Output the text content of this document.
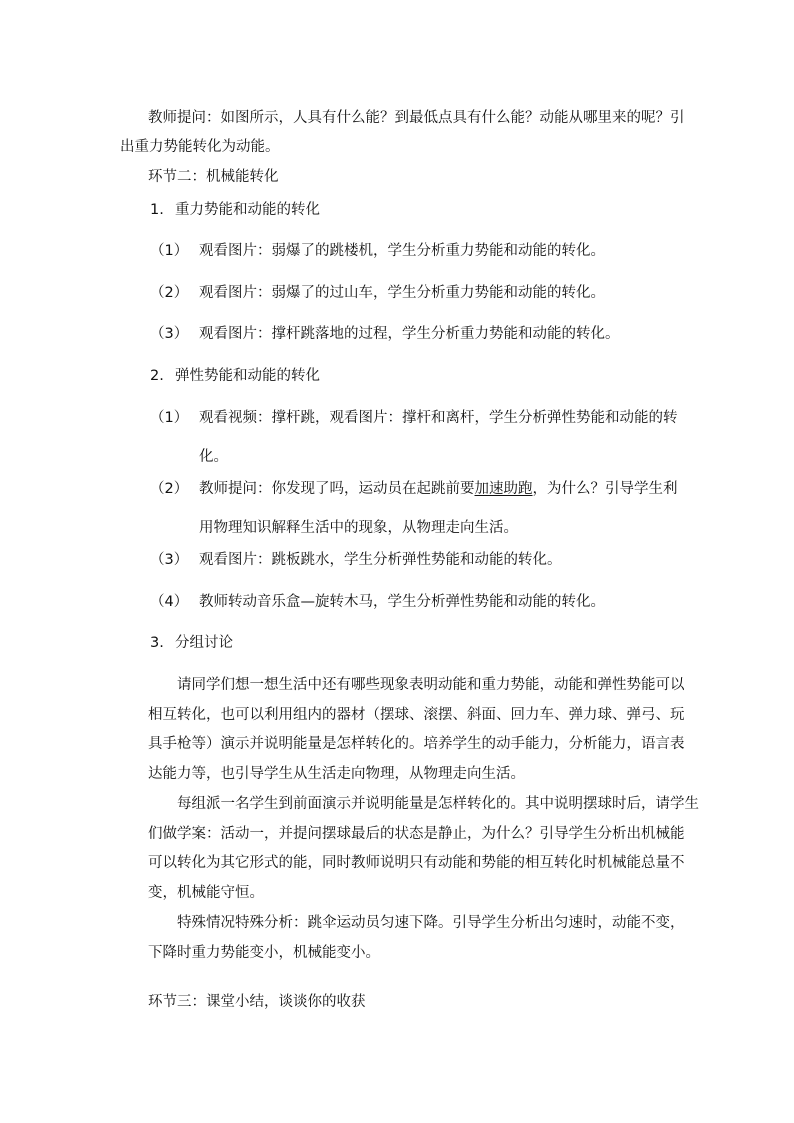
教师提问：如图所示，人具有什么能？到最低点具有什么能？动能从哪里来的呢？引
出重力势能转化为动能。
环节二：机械能转化
1. 重力势能和动能的转化
（1） 观看图片：弱爆了的跳楼机，学生分析重力势能和动能的转化。
（2） 观看图片：弱爆了的过山车，学生分析重力势能和动能的转化。
（3） 观看图片：撑杆跳落地的过程，学生分析重力势能和动能的转化。
2. 弹性势能和动能的转化
（1） 观看视频：撑杆跳，观看图片：撑杆和离杆，学生分析弹性势能和动能的转
化。
（2） 教师提问：你发现了吗，运动员在起跳前要加速助跑，为什么？引导学生利
用物理知识解释生活中的现象，从物理走向生活。
（3） 观看图片：跳板跳水，学生分析弹性势能和动能的转化。
（4） 教师转动音乐盒—旋转木马，学生分析弹性势能和动能的转化。
3. 分组讨论
请同学们想一想生活中还有哪些现象表明动能和重力势能，动能和弹性势能可以
相互转化，也可以利用组内的器材（摆球、滚摆、斜面、回力车、弹力球、弹弓、玩
具手枪等）演示并说明能量是怎样转化的。培养学生的动手能力，分析能力，语言表
达能力等，也引导学生从生活走向物理，从物理走向生活。
每组派一名学生到前面演示并说明能量是怎样转化的。其中说明摆球时后，请学生
们做学案：活动一，并提问摆球最后的状态是静止，为什么？引导学生分析出机械能
可以转化为其它形式的能，同时教师说明只有动能和势能的相互转化时机械能总量不
变，机械能守恒。
特殊情况特殊分析：跳伞运动员匀速下降。引导学生分析出匀速时，动能不变，
下降时重力势能变小，机械能变小。
环节三：课堂小结，谈谈你的收获
